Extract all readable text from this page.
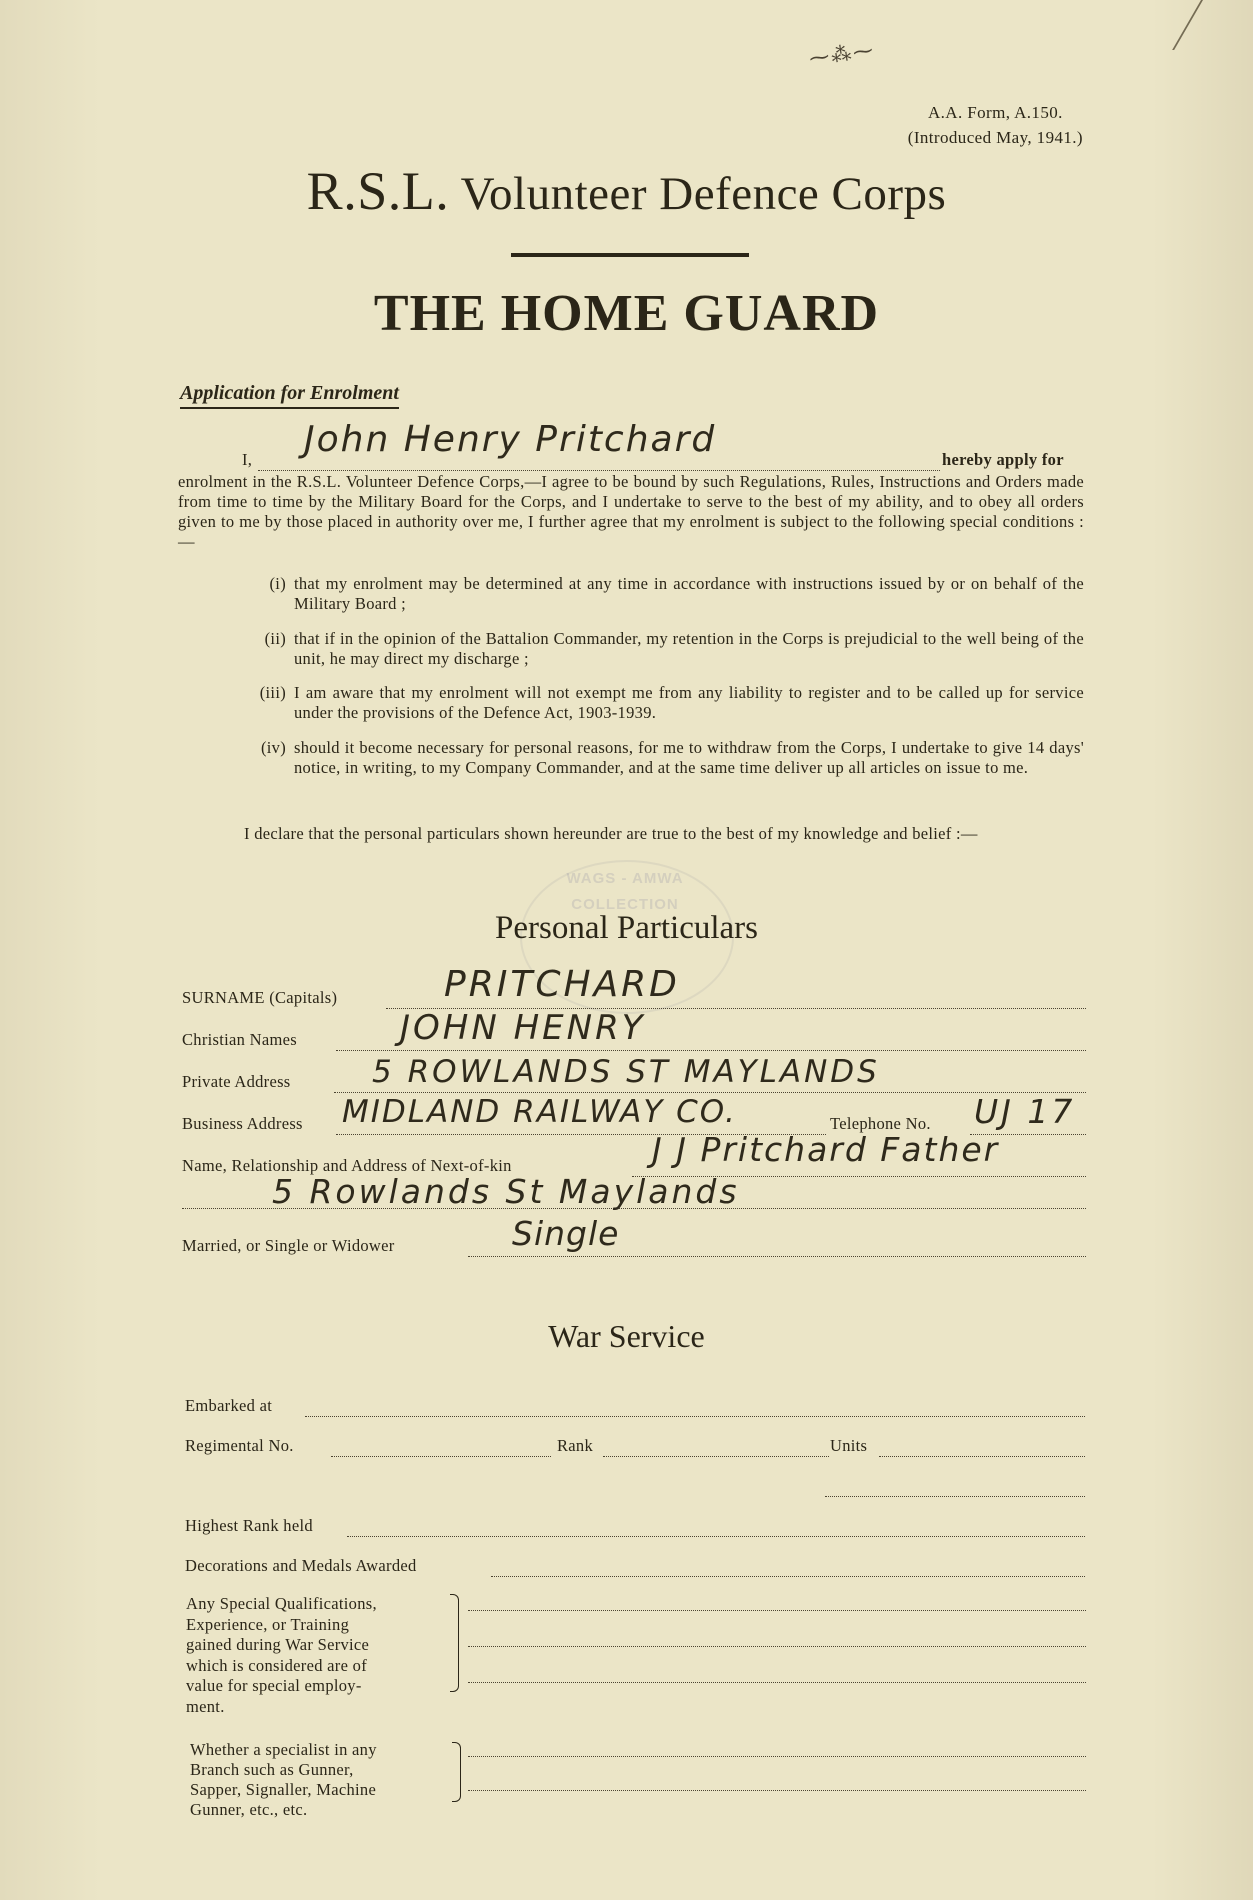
⁓⁂⁓
A.A. Form, A.150.
(Introduced May, 1941.)
R.S.L. Volunteer Defence Corps
THE HOME GUARD
Application for Enrolment
I, John Henry Pritchard	hereby apply for
enrolment in the R.S.L. Volunteer Defence Corps,—I agree to be bound by such Regulations, Rules, Instructions and Orders made from time to time by the Military Board for the Corps, and I undertake to serve to the best of my ability, and to obey all orders given to me by those placed in authority over me, I further agree that my enrolment is subject to the following special conditions :—
(i) that my enrolment may be determined at any time in accordance with instructions issued by or on behalf of the Military Board ;
(ii) that if in the opinion of the Battalion Commander, my retention in the Corps is prejudicial to the well being of the unit, he may direct my discharge ;
(iii) I am aware that my enrolment will not exempt me from any liability to register and to be called up for service under the provisions of the Defence Act, 1903-1939.
(iv) should it become necessary for personal reasons, for me to withdraw from the Corps, I undertake to give 14 days' notice, in writing, to my Company Commander, and at the same time deliver up all articles on issue to me.
I declare that the personal particulars shown hereunder are true to the best of my knowledge and belief :—
WAGS - AMWA
COLLECTION
Personal Particulars
SURNAME (Capitals)	PRITCHARD
Christian Names	JOHN HENRY
Private Address	5 ROWLANDS ST MAYLANDS
Business Address MIDLAND RAILWAY CO.	Telephone No. UJ 17
Name, Relationship and Address of Next-of-kin	J J Pritchard Father
5 Rowlands St Maylands
Married, or Single or Widower	Single
War Service
Embarked at
Regimental No.	Rank	Units
Highest Rank held
Decorations and Medals Awarded
Any Special Qualifications,
Experience, or Training
gained during War Service
which is considered are of
value for special employ-
ment.
Whether a specialist in any
Branch such as Gunner,
Sapper, Signaller, Machine
Gunner, etc., etc.
